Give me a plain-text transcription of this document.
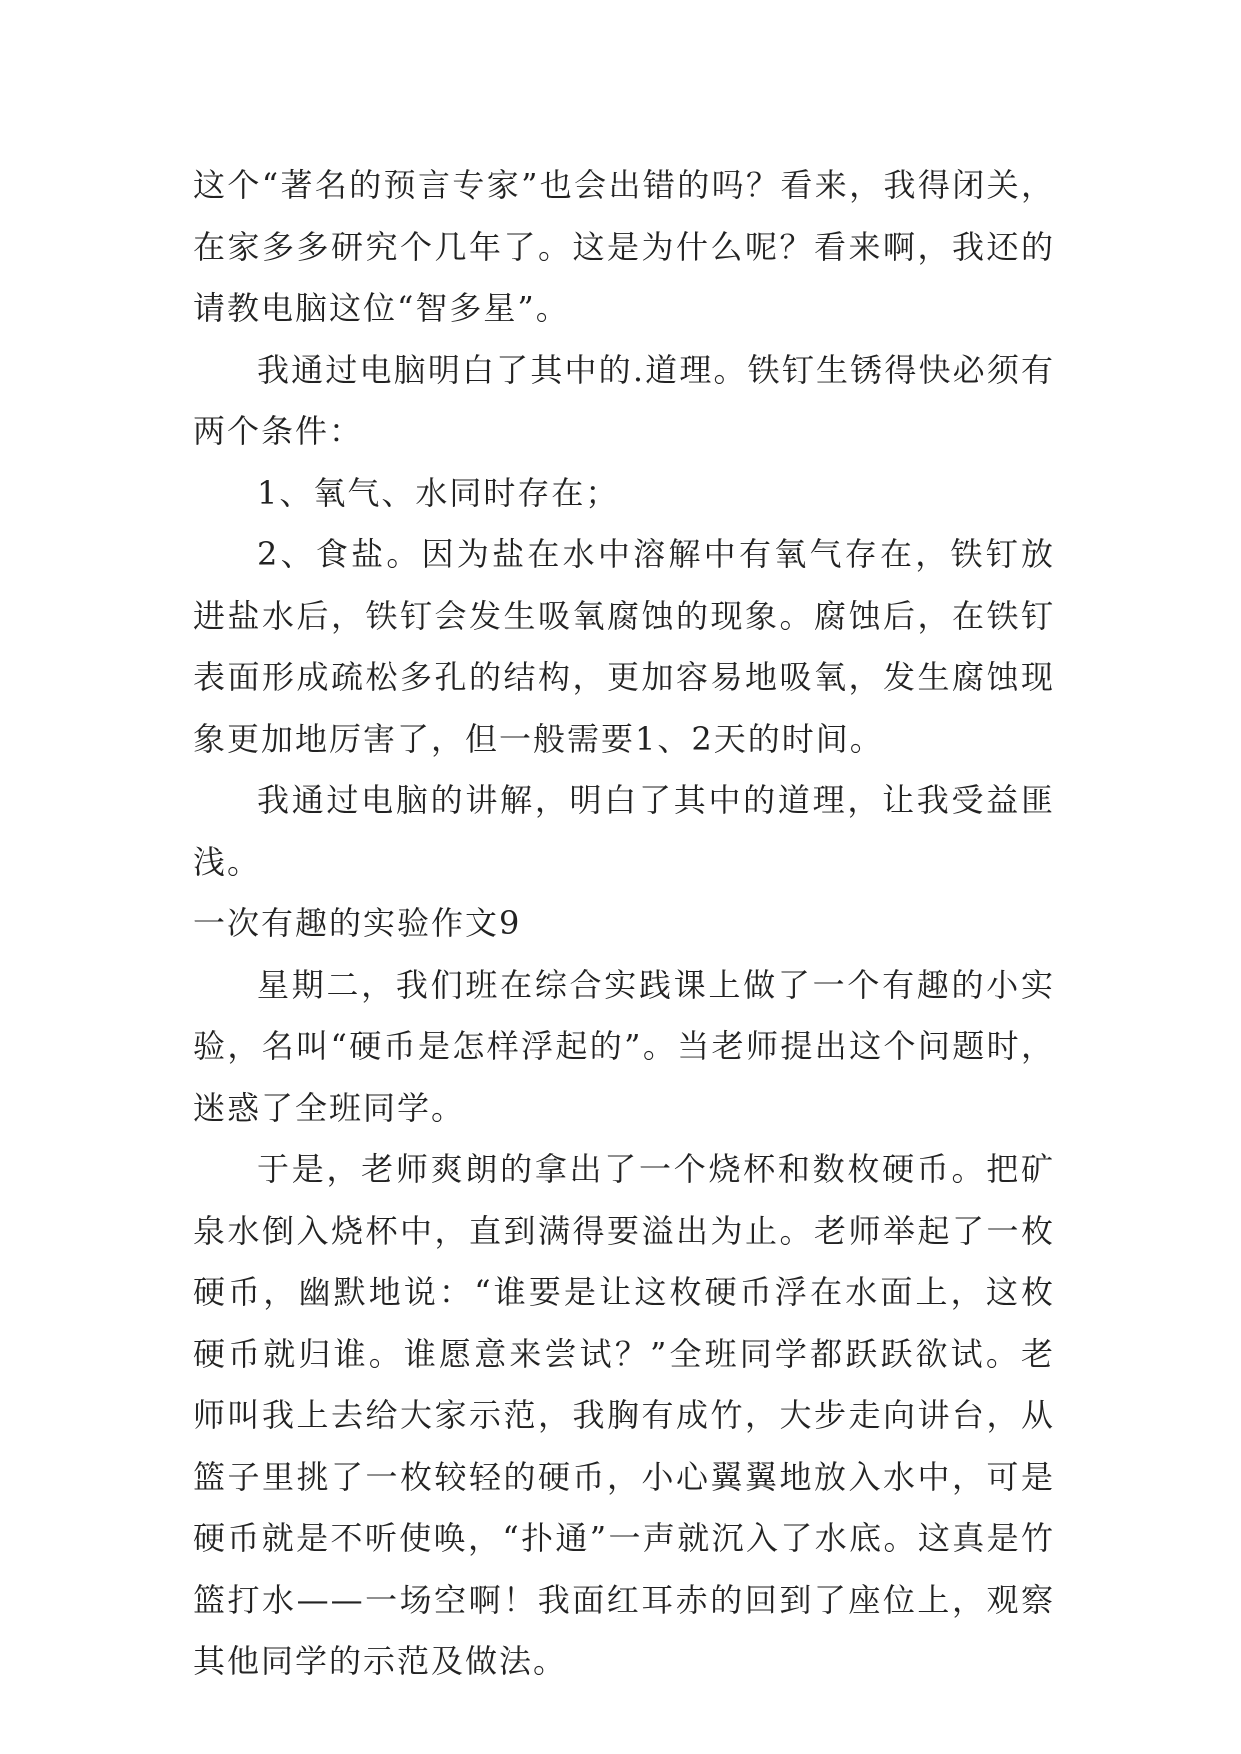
这个“著名的预言专家”也会出错的吗？看来，我得闭关，在家多多研究个几年了。这是为什么呢？看来啊，我还的请教电脑这位“智多星”。

我通过电脑明白了其中的.道理。铁钉生锈得快必须有两个条件：

1、氧气、水同时存在；

2、食盐。因为盐在水中溶解中有氧气存在，铁钉放进盐水后，铁钉会发生吸氧腐蚀的现象。腐蚀后，在铁钉表面形成疏松多孔的结构，更加容易地吸氧，发生腐蚀现象更加地厉害了，但一般需要1、2天的时间。

我通过电脑的讲解，明白了其中的道理，让我受益匪浅。

一次有趣的实验作文9

星期二，我们班在综合实践课上做了一个有趣的小实验，名叫“硬币是怎样浮起的”。当老师提出这个问题时，迷惑了全班同学。

于是，老师爽朗的拿出了一个烧杯和数枚硬币。把矿泉水倒入烧杯中，直到满得要溢出为止。老师举起了一枚硬币，幽默地说：“谁要是让这枚硬币浮在水面上，这枚硬币就归谁。谁愿意来尝试？”全班同学都跃跃欲试。老师叫我上去给大家示范，我胸有成竹，大步走向讲台，从篮子里挑了一枚较轻的硬币，小心翼翼地放入水中，可是硬币就是不听使唤，“扑通”一声就沉入了水底。这真是竹篮打水——一场空啊！我面红耳赤的回到了座位上，观察其他同学的示范及做法。
